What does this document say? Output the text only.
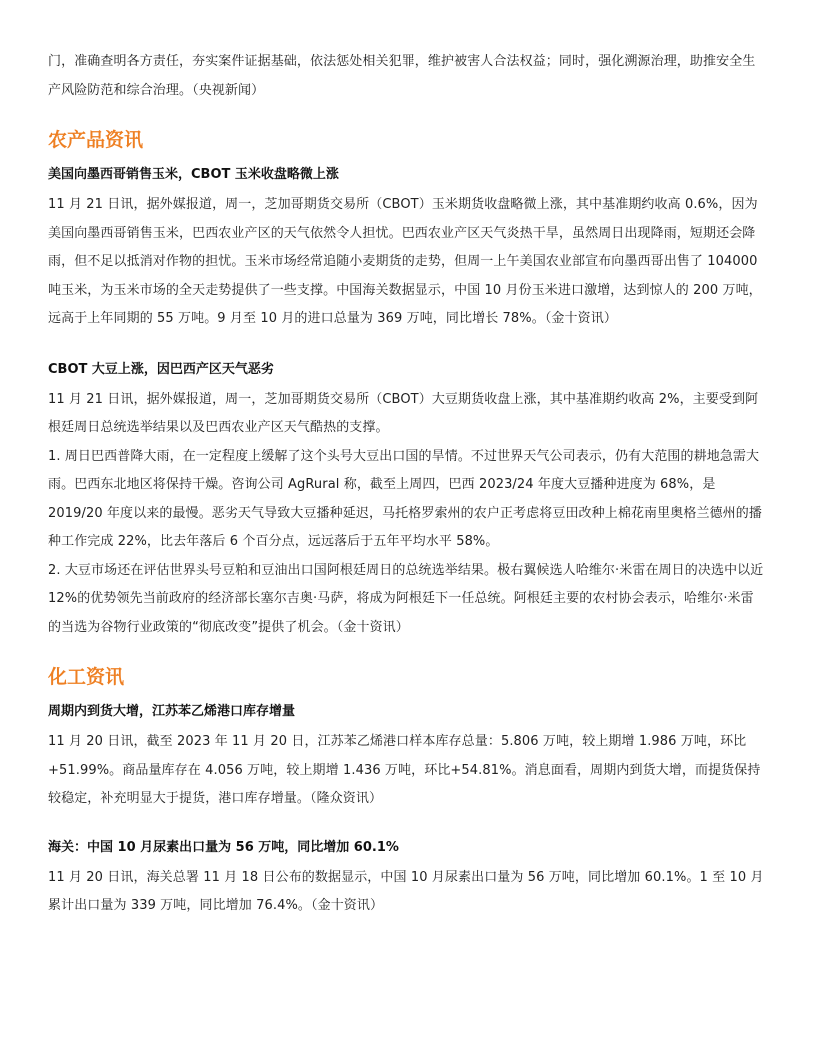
门，准确查明各方责任，夯实案件证据基础，依法惩处相关犯罪，维护被害人合法权益；同时，强化溯源治理，助推安全生产风险防范和综合治理。（央视新闻）

农产品资讯
美国向墨西哥销售玉米，CBOT 玉米收盘略微上涨

11 月 21 日讯，据外媒报道，周一，芝加哥期货交易所（CBOT）玉米期货收盘略微上涨，其中基准期约收高 0.6%，因为美国向墨西哥销售玉米，巴西农业产区的天气依然令人担忧。巴西农业产区天气炎热干旱，虽然周日出现降雨，短期还会降雨，但不足以抵消对作物的担忧。玉米市场经常追随小麦期货的走势，但周一上午美国农业部宣布向墨西哥出售了 104000 吨玉米，为玉米市场的全天走势提供了一些支撑。中国海关数据显示，中国 10 月份玉米进口激增，达到惊人的 200 万吨，远高于上年同期的 55 万吨。9 月至 10 月的进口总量为 369 万吨，同比增长 78%。（金十资讯）

CBOT 大豆上涨，因巴西产区天气恶劣

11 月 21 日讯，据外媒报道，周一，芝加哥期货交易所（CBOT）大豆期货收盘上涨，其中基准期约收高 2%，主要受到阿根廷周日总统选举结果以及巴西农业产区天气酷热的支撑。

1. 周日巴西普降大雨，在一定程度上缓解了这个头号大豆出口国的旱情。不过世界天气公司表示，仍有大范围的耕地急需大雨。巴西东北地区将保持干燥。咨询公司 AgRural 称，截至上周四，巴西 2023/24 年度大豆播种进度为 68%，是 2019/20 年度以来的最慢。恶劣天气导致大豆播种延迟，马托格罗索州的农户正考虑将豆田改种上棉花南里奥格兰德州的播种工作完成 22%，比去年落后 6 个百分点，远远落后于五年平均水平 58%。

2. 大豆市场还在评估世界头号豆粕和豆油出口国阿根廷周日的总统选举结果。极右翼候选人哈维尔·米雷在周日的决选中以近 12%的优势领先当前政府的经济部长塞尔吉奥·马萨，将成为阿根廷下一任总统。阿根廷主要的农村协会表示，哈维尔·米雷的当选为谷物行业政策的“彻底改变”提供了机会。（金十资讯）

化工资讯
周期内到货大增，江苏苯乙烯港口库存增量

11 月 20 日讯，截至 2023 年 11 月 20 日，江苏苯乙烯港口样本库存总量：5.806 万吨，较上期增 1.986 万吨，环比+51.99%。商品量库存在 4.056 万吨，较上期增 1.436 万吨，环比+54.81%。消息面看，周期内到货大增，而提货保持较稳定，补充明显大于提货，港口库存增量。（隆众资讯）

海关：中国 10 月尿素出口量为 56 万吨，同比增加 60.1%

11 月 20 日讯，海关总署 11 月 18 日公布的数据显示，中国 10 月尿素出口量为 56 万吨，同比增加 60.1%。1 至 10 月累计出口量为 339 万吨，同比增加 76.4%。（金十资讯）
